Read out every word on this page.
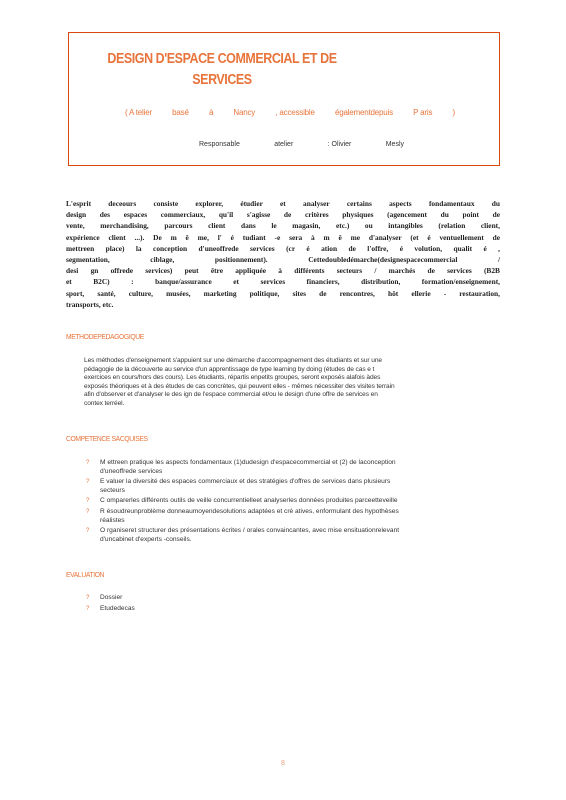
DESIGN D'ESPACE COMMERCIAL ET DE
SERVICES
( A telier	basé	à	Nancy	, accessible	égalementdepuis	P aris	)
Responsable	atelier	: Olivier	Mesly
L'esprit deceours consiste explorer, étudier et analyser certains aspects fondamentaux du
design des espaces commerciaux, qu'il s'agisse de critères physiques (agencement du point de
vente, merchandising, parcours client dans le magasin, etc.) ou intangibles (relation client,
expérience client ...). De m ê me, l' é tudiant -e sera à m ê me d'analyser (et é ventuellement de
mettreen place) la conception d'uneoffrede services (cr é ation de l'offre, é volution, qualit é ,
segmentation, ciblage, positionnement). Cettedoubledémarche(designespacecommercial /
desi gn offrede services) peut être appliquée à différents secteurs / marchés de services (B2B
et B2C) : banque/assurance et services financiers, distribution, formation/enseignement,
sport, santé, culture, musées, marketing politique, sites de rencontres, hôt ellerie - restauration,
transports, etc.
METHODEPEDAGOGIQUE
Les méthodes d'enseignement s'appuient sur une démarche d'accompagnement des étudiants et sur une
pédagogie de la découverte au service d'un apprentissage de type learning by doing (études de cas e t
exercices en cours/hors des cours). Les étudiants, répartis enpetits groupes, seront exposés alafois àdes
exposés théoriques et à des études de cas concrètes, qui peuvent elles - mêmes nécessiter des visites terrain
afin d'observer et d'analyser le des ign de l'espace commercial et/ou le design d'une offre de services en
contex terréel.
COMPETENCE SACQUISES
? M ettreen pratique les aspects fondamentaux (1)dudesign d'espacecommercial et (2) de laconception
d'uneoffrede services
? E valuer la diversité des espaces commerciaux et des stratégies d'offres de services dans plusieurs
secteurs
? C omparerles différents outils de veille concurrentielleet analyserles données produites parceetteveille
? R ésoudreunproblème donneaumoyendesolutions adaptées et cré atives, enformulant des hypothèses
réalistes
? O rganiseret structurer des présentations écrites / orales convaincantes, avec mise ensituationrelevant
d'uncabinet d'experts -conseils.
EVALUATION
? Dossier
? Etudedecas
8
